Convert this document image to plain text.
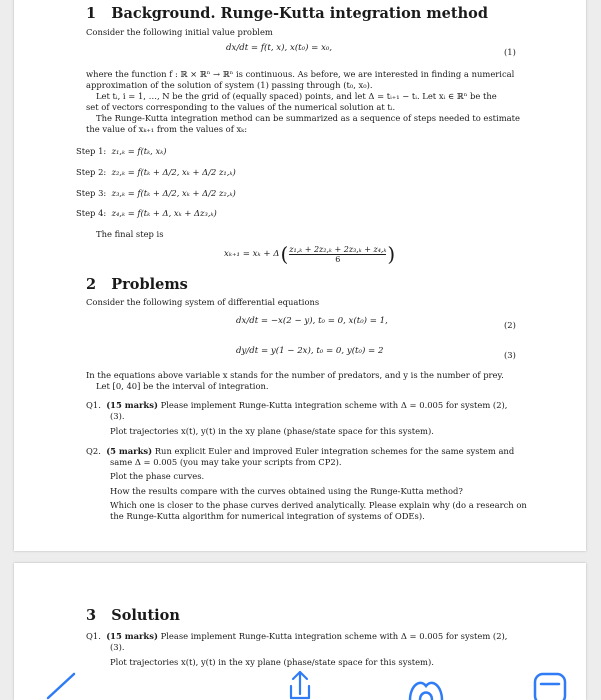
1 Background. Runge-Kutta integration method
Consider the following initial value problem
dx/dt = f(t, x), x(t₀) = x₀,	(1)
where the function f : ℝ × ℝⁿ → ℝⁿ is continuous. As before, we are interested in finding a numerical
approximation of the solution of system (1) passing through (t₀, x₀).
Let tᵢ, i = 1, …, N be the grid of (equally spaced) points, and let Δ = tᵢ₊₁ − tᵢ. Let xᵢ ∈ ℝⁿ be the
set of vectors corresponding to the values of the numerical solution at tᵢ.
The Runge-Kutta integration method can be summarized as a sequence of steps needed to estimate
the value of xₖ₊₁ from the values of xₖ:
Step 1: z₁,ₖ = f(tₖ, xₖ)
Step 2: z₂,ₖ = f(tₖ + Δ/2, xₖ + Δ/2 z₁,ₖ)
Step 3: z₃,ₖ = f(tₖ + Δ/2, xₖ + Δ/2 z₂,ₖ)
Step 4: z₄,ₖ = f(tₖ + Δ, xₖ + Δz₃,ₖ)
The final step is
xₖ₊₁ = xₖ + Δ ( $\frac{\text{z₁,ₖ + 2z₂,ₖ + 2z₃,ₖ + z₄,ₖ}}{6}$ )
2 Problems
Consider the following system of differential equations
dx/dt = −x(2 − y), t₀ = 0, x(t₀) = 1,	(2)
dy/dt = y(1 − 2x), t₀ = 0, y(t₀) = 2	(3)
In the equations above variable x stands for the number of predators, and y is the number of prey.
Let [0, 40] be the interval of integration.
Q1. (15 marks) Please implement Runge-Kutta integration scheme with Δ = 0.005 for system (2),
(3).
Plot trajectories x(t), y(t) in the xy plane (phase/state space for this system).
Q2. (5 marks) Run explicit Euler and improved Euler integration schemes for the same system and
same Δ = 0.005 (you may take your scripts from CP2).
Plot the phase curves.
How the results compare with the curves obtained using the Runge-Kutta method?
Which one is closer to the phase curves derived analytically. Please explain why (do a research on
the Runge-Kutta algorithm for numerical integration of systems of ODEs).
3 Solution
Q1. (15 marks) Please implement Runge-Kutta integration scheme with Δ = 0.005 for system (2),
(3).
Plot trajectories x(t), y(t) in the xy plane (phase/state space for this system).
